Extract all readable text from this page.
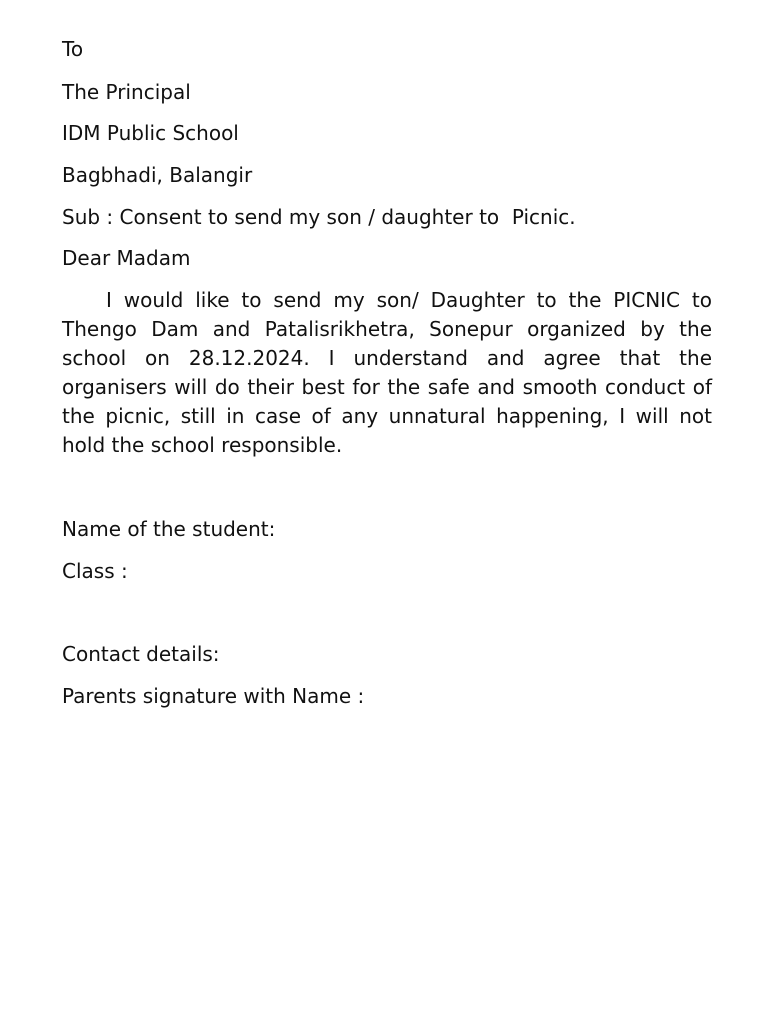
To
The Principal
IDM Public School
Bagbhadi, Balangir
Sub : Consent to send my son / daughter to  Picnic.
Dear Madam
I would like to send my son/ Daughter to the PICNIC to Thengo Dam and Patalisrikhetra, Sonepur organized by the school on 28.12.2024. I understand and agree that the organisers will do their best for the safe and smooth conduct of the picnic, still in case of any unnatural happening, I will not hold the school responsible.
Name of the student:
Class :
Contact details:
Parents signature with Name :
